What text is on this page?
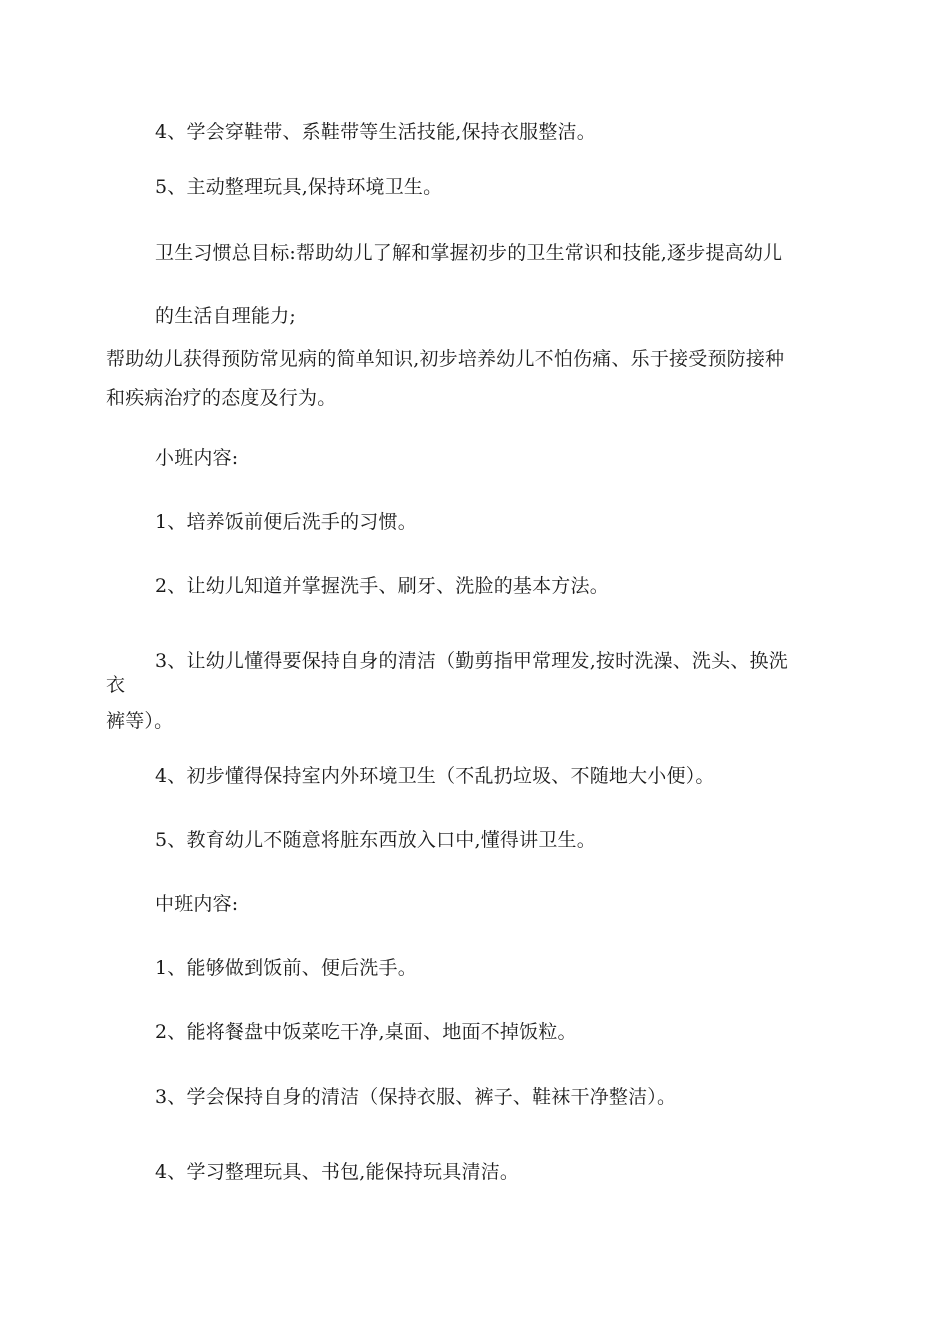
4、学会穿鞋带、系鞋带等生活技能,保持衣服整洁。
5、主动整理玩具,保持环境卫生。
卫生习惯总目标:帮助幼儿了解和掌握初步的卫生常识和技能,逐步提高幼儿
的生活自理能力;
帮助幼儿获得预防常见病的简单知识,初步培养幼儿不怕伤痛、乐于接受预防接种
和疾病治疗的态度及行为。
小班内容:
1、培养饭前便后洗手的习惯。
2、让幼儿知道并掌握洗手、刷牙、洗脸的基本方法。
3、让幼儿懂得要保持自身的清洁（勤剪指甲常理发,按时洗澡、洗头、换洗
衣
裤等）。
4、初步懂得保持室内外环境卫生（不乱扔垃圾、不随地大小便）。
5、教育幼儿不随意将脏东西放入口中,懂得讲卫生。
中班内容:
1、能够做到饭前、便后洗手。
2、能将餐盘中饭菜吃干净,桌面、地面不掉饭粒。
3、学会保持自身的清洁（保持衣服、裤子、鞋袜干净整洁）。
4、学习整理玩具、书包,能保持玩具清洁。
